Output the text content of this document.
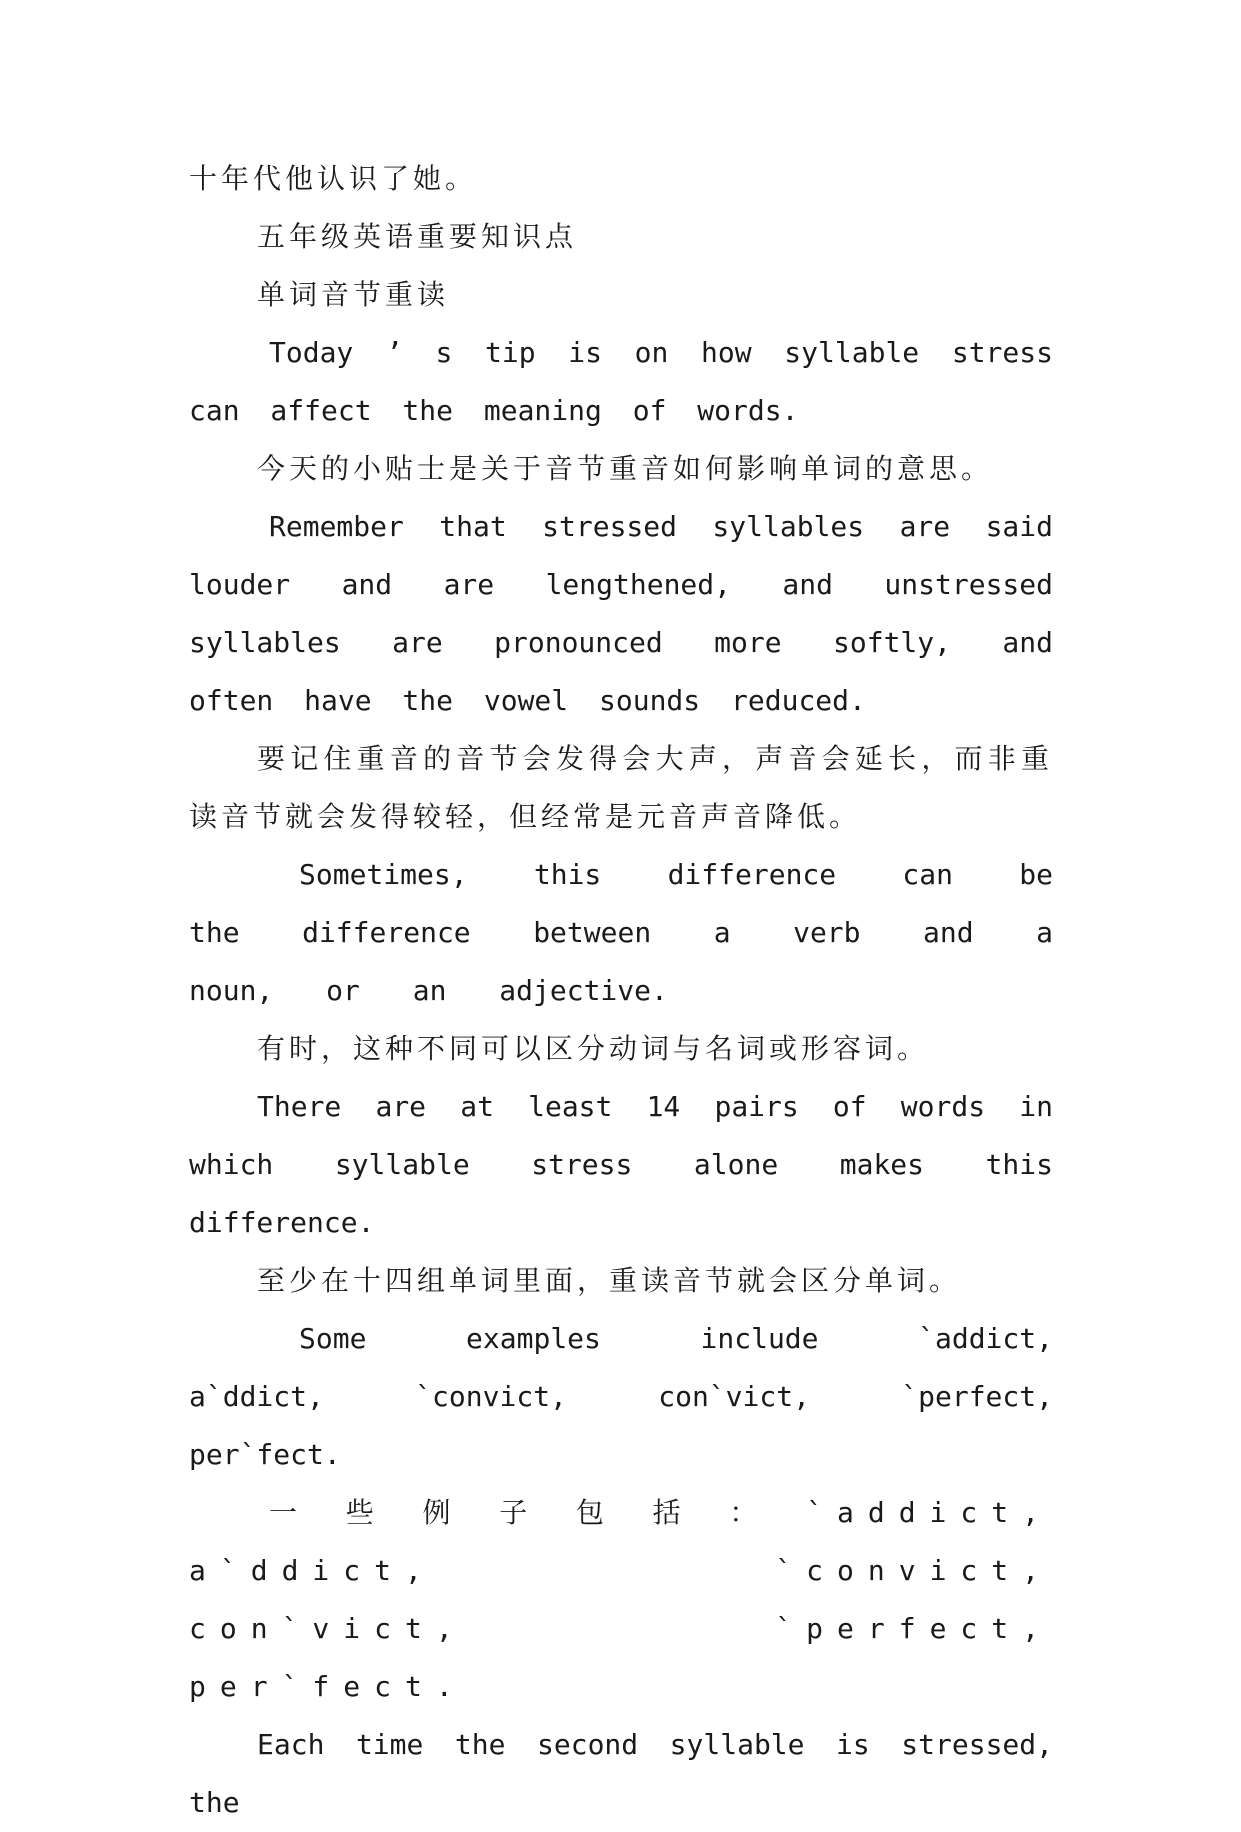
十年代他认识了她。

五年级英语重要知识点

单词音节重读

Today ’ s tip is on how syllable stress can affect the meaning of words.

今天的小贴士是关于音节重音如何影响单词的意思。

Remember that stressed syllables are said louder and are lengthened, and unstressed syllables are pronounced more softly, and often have the vowel sounds reduced.

要记住重音的音节会发得会大声，声音会延长，而非重读音节就会发得较轻，但经常是元音声音降低。

Sometimes, this difference can be the difference between a verb and a noun, or an adjective.

有时，这种不同可以区分动词与名词或形容词。

There are at least 14 pairs of words in which syllable stress alone makes this difference.

至少在十四组单词里面，重读音节就会区分单词。

Some examples include `addict, a`ddict, `convict, con`vict, `perfect, per`fect.

一些例子包括：`addict, a`ddict, `convict, con`vict, `perfect, per`fect.

Each time the second syllable is stressed, the
